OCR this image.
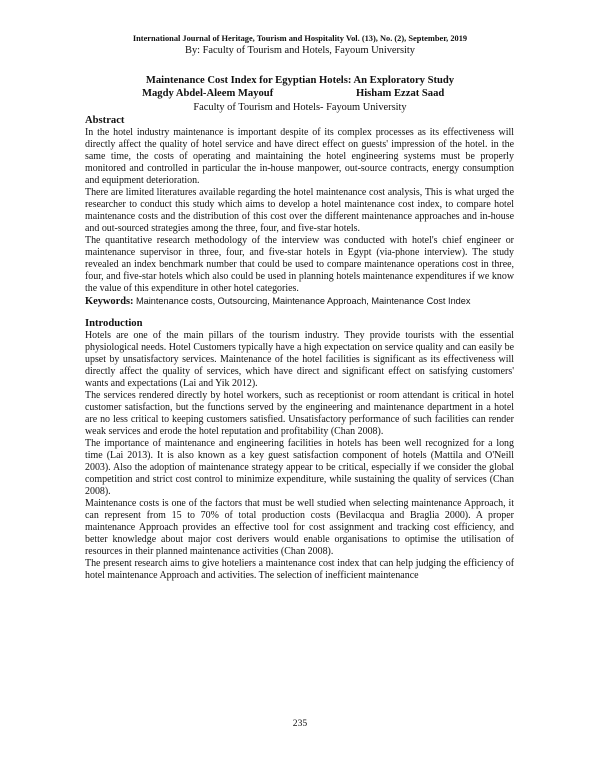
International Journal of Heritage, Tourism and Hospitality Vol. (13), No. (2), September, 2019
By: Faculty of Tourism and Hotels, Fayoum University
Maintenance Cost Index for Egyptian Hotels: An Exploratory Study
Magdy Abdel-Aleem Mayouf	Hisham Ezzat Saad
Faculty of Tourism and Hotels- Fayoum University
Abstract
In the hotel industry maintenance is important despite of its complex processes as its effectiveness will directly affect the quality of hotel service and have direct effect on guests' impression of the hotel. in the same time, the costs of operating and maintaining the hotel engineering systems must be properly monitored and controlled in particular the in-house manpower, out-source contracts, energy consumption and equipment deterioration.
There are limited literatures available regarding the hotel maintenance cost analysis, This is what urged the researcher to conduct this study which aims to develop a hotel maintenance cost index, to compare hotel maintenance costs and the distribution of this cost over the different maintenance approaches and in-house and out-sourced strategies among the three, four, and five-star hotels.
The quantitative research methodology of the interview was conducted with hotel's chief engineer or maintenance supervisor in three, four, and five-star hotels in Egypt (via-phone interview). The study revealed an index benchmark number that could be used to compare maintenance operations cost in three, four, and five-star hotels which also could be used in planning hotels maintenance expenditures if we know the value of this expenditure in other hotel categories.
Keywords: Maintenance costs, Outsourcing, Maintenance Approach, Maintenance Cost Index
Introduction
Hotels are one of the main pillars of the tourism industry. They provide tourists with the essential physiological needs. Hotel Customers typically have a high expectation on service quality and can easily be upset by unsatisfactory services. Maintenance of the hotel facilities is significant as its effectiveness will directly affect the quality of services, which have direct and significant effect on satisfying customers' wants and expectations (Lai and Yik 2012).
The services rendered directly by hotel workers, such as receptionist or room attendant is critical in hotel customer satisfaction, but the functions served by the engineering and maintenance department in a hotel are no less critical to keeping customers satisfied. Unsatisfactory performance of such facilities can render weak services and erode the hotel reputation and profitability (Chan 2008).
The importance of maintenance and engineering facilities in hotels has been well recognized for a long time (Lai 2013). It is also known as a key guest satisfaction component of hotels (Mattila and O'Neill 2003). Also the adoption of maintenance strategy appear to be critical, especially if we consider the global competition and strict cost control to minimize expenditure, while sustaining the quality of services (Chan 2008).
Maintenance costs is one of the factors that must be well studied when selecting maintenance Approach, it can represent from 15 to 70% of total production costs (Bevilacqua and Braglia 2000). A proper maintenance Approach provides an effective tool for cost assignment and tracking cost efficiency, and better knowledge about major cost derivers would enable organisations to optimise the utilisation of resources in their planned maintenance activities (Chan 2008).
The present research aims to give hoteliers a maintenance cost index that can help judging the efficiency of hotel maintenance Approach and activities. The selection of inefficient maintenance
235
